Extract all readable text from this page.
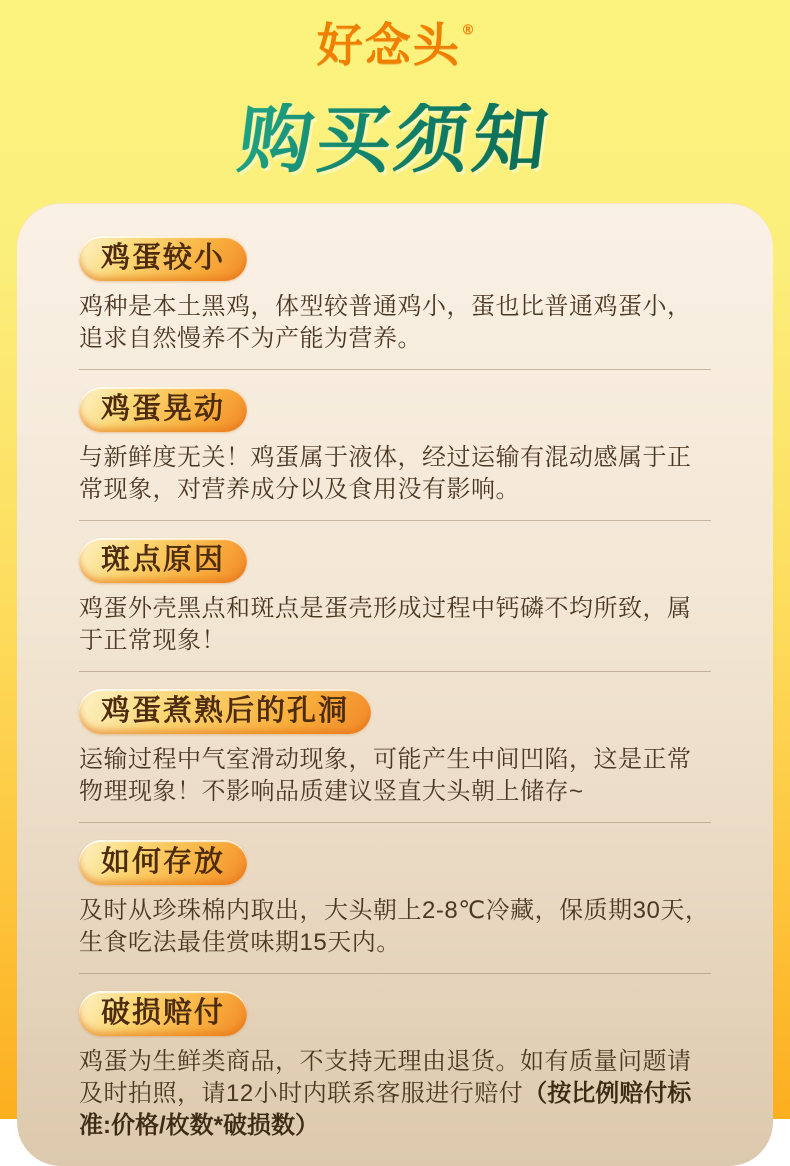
好念头 ®
购买须知
鸡蛋较小

鸡种是本土黑鸡，体型较普通鸡小，蛋也比普通鸡蛋小，追求自然慢养不为产能为营养。

鸡蛋晃动

与新鲜度无关！鸡蛋属于液体，经过运输有混动感属于正常现象，对营养成分以及食用没有影响。

斑点原因

鸡蛋外壳黑点和斑点是蛋壳形成过程中钙磷不均所致，属于正常现象！

鸡蛋煮熟后的孔洞

运输过程中气室滑动现象，可能产生中间凹陷，这是正常物理现象！不影响品质建议竖直大头朝上储存~

如何存放

及时从珍珠棉内取出，大头朝上2-8℃冷藏，保质期30天，生食吃法最佳赏味期15天内。

破损赔付

鸡蛋为生鲜类商品，不支持无理由退货。如有质量问题请及时拍照，请12小时内联系客服进行赔付（按比例赔付标准:价格/枚数*破损数）
